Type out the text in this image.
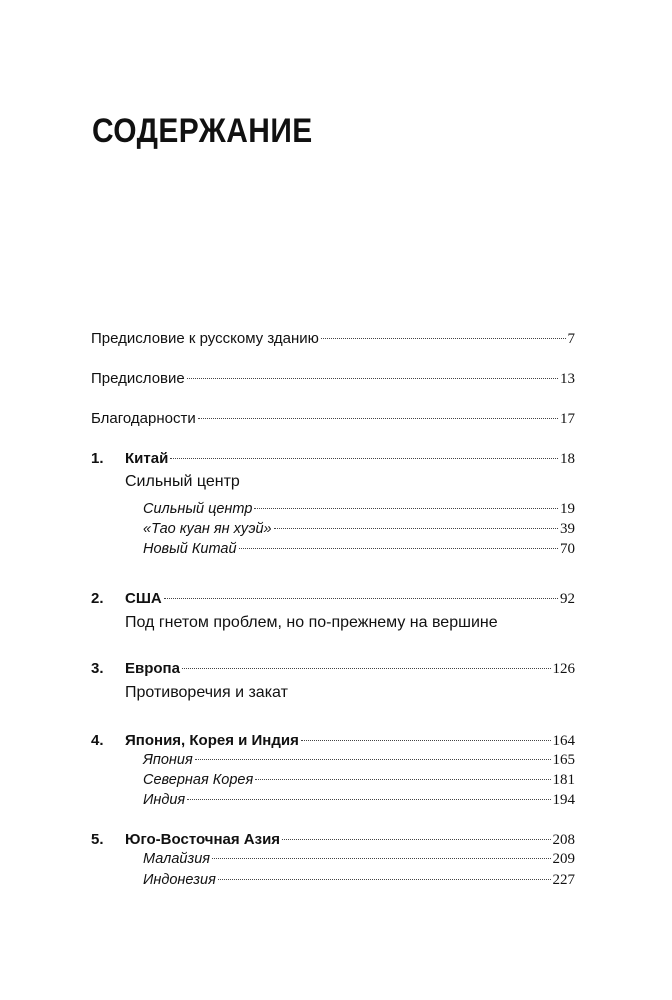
СОДЕРЖАНИЕ
Предисловие к русскому зданию	7
Предисловие	13
Благодарности	17
1. Китай	18
Сильный центр
Сильный центр	19
«Тао куан ян хуэй»	39
Новый Китай	70
2. США	92
Под гнетом проблем, но по-прежнему на вершине
3. Европа	126
Противоречия и закат
4. Япония, Корея и Индия	164
Япония	165
Северная Корея	181
Индия	194
5. Юго-Восточная Азия	208
Малайзия	209
Индонезия	227
